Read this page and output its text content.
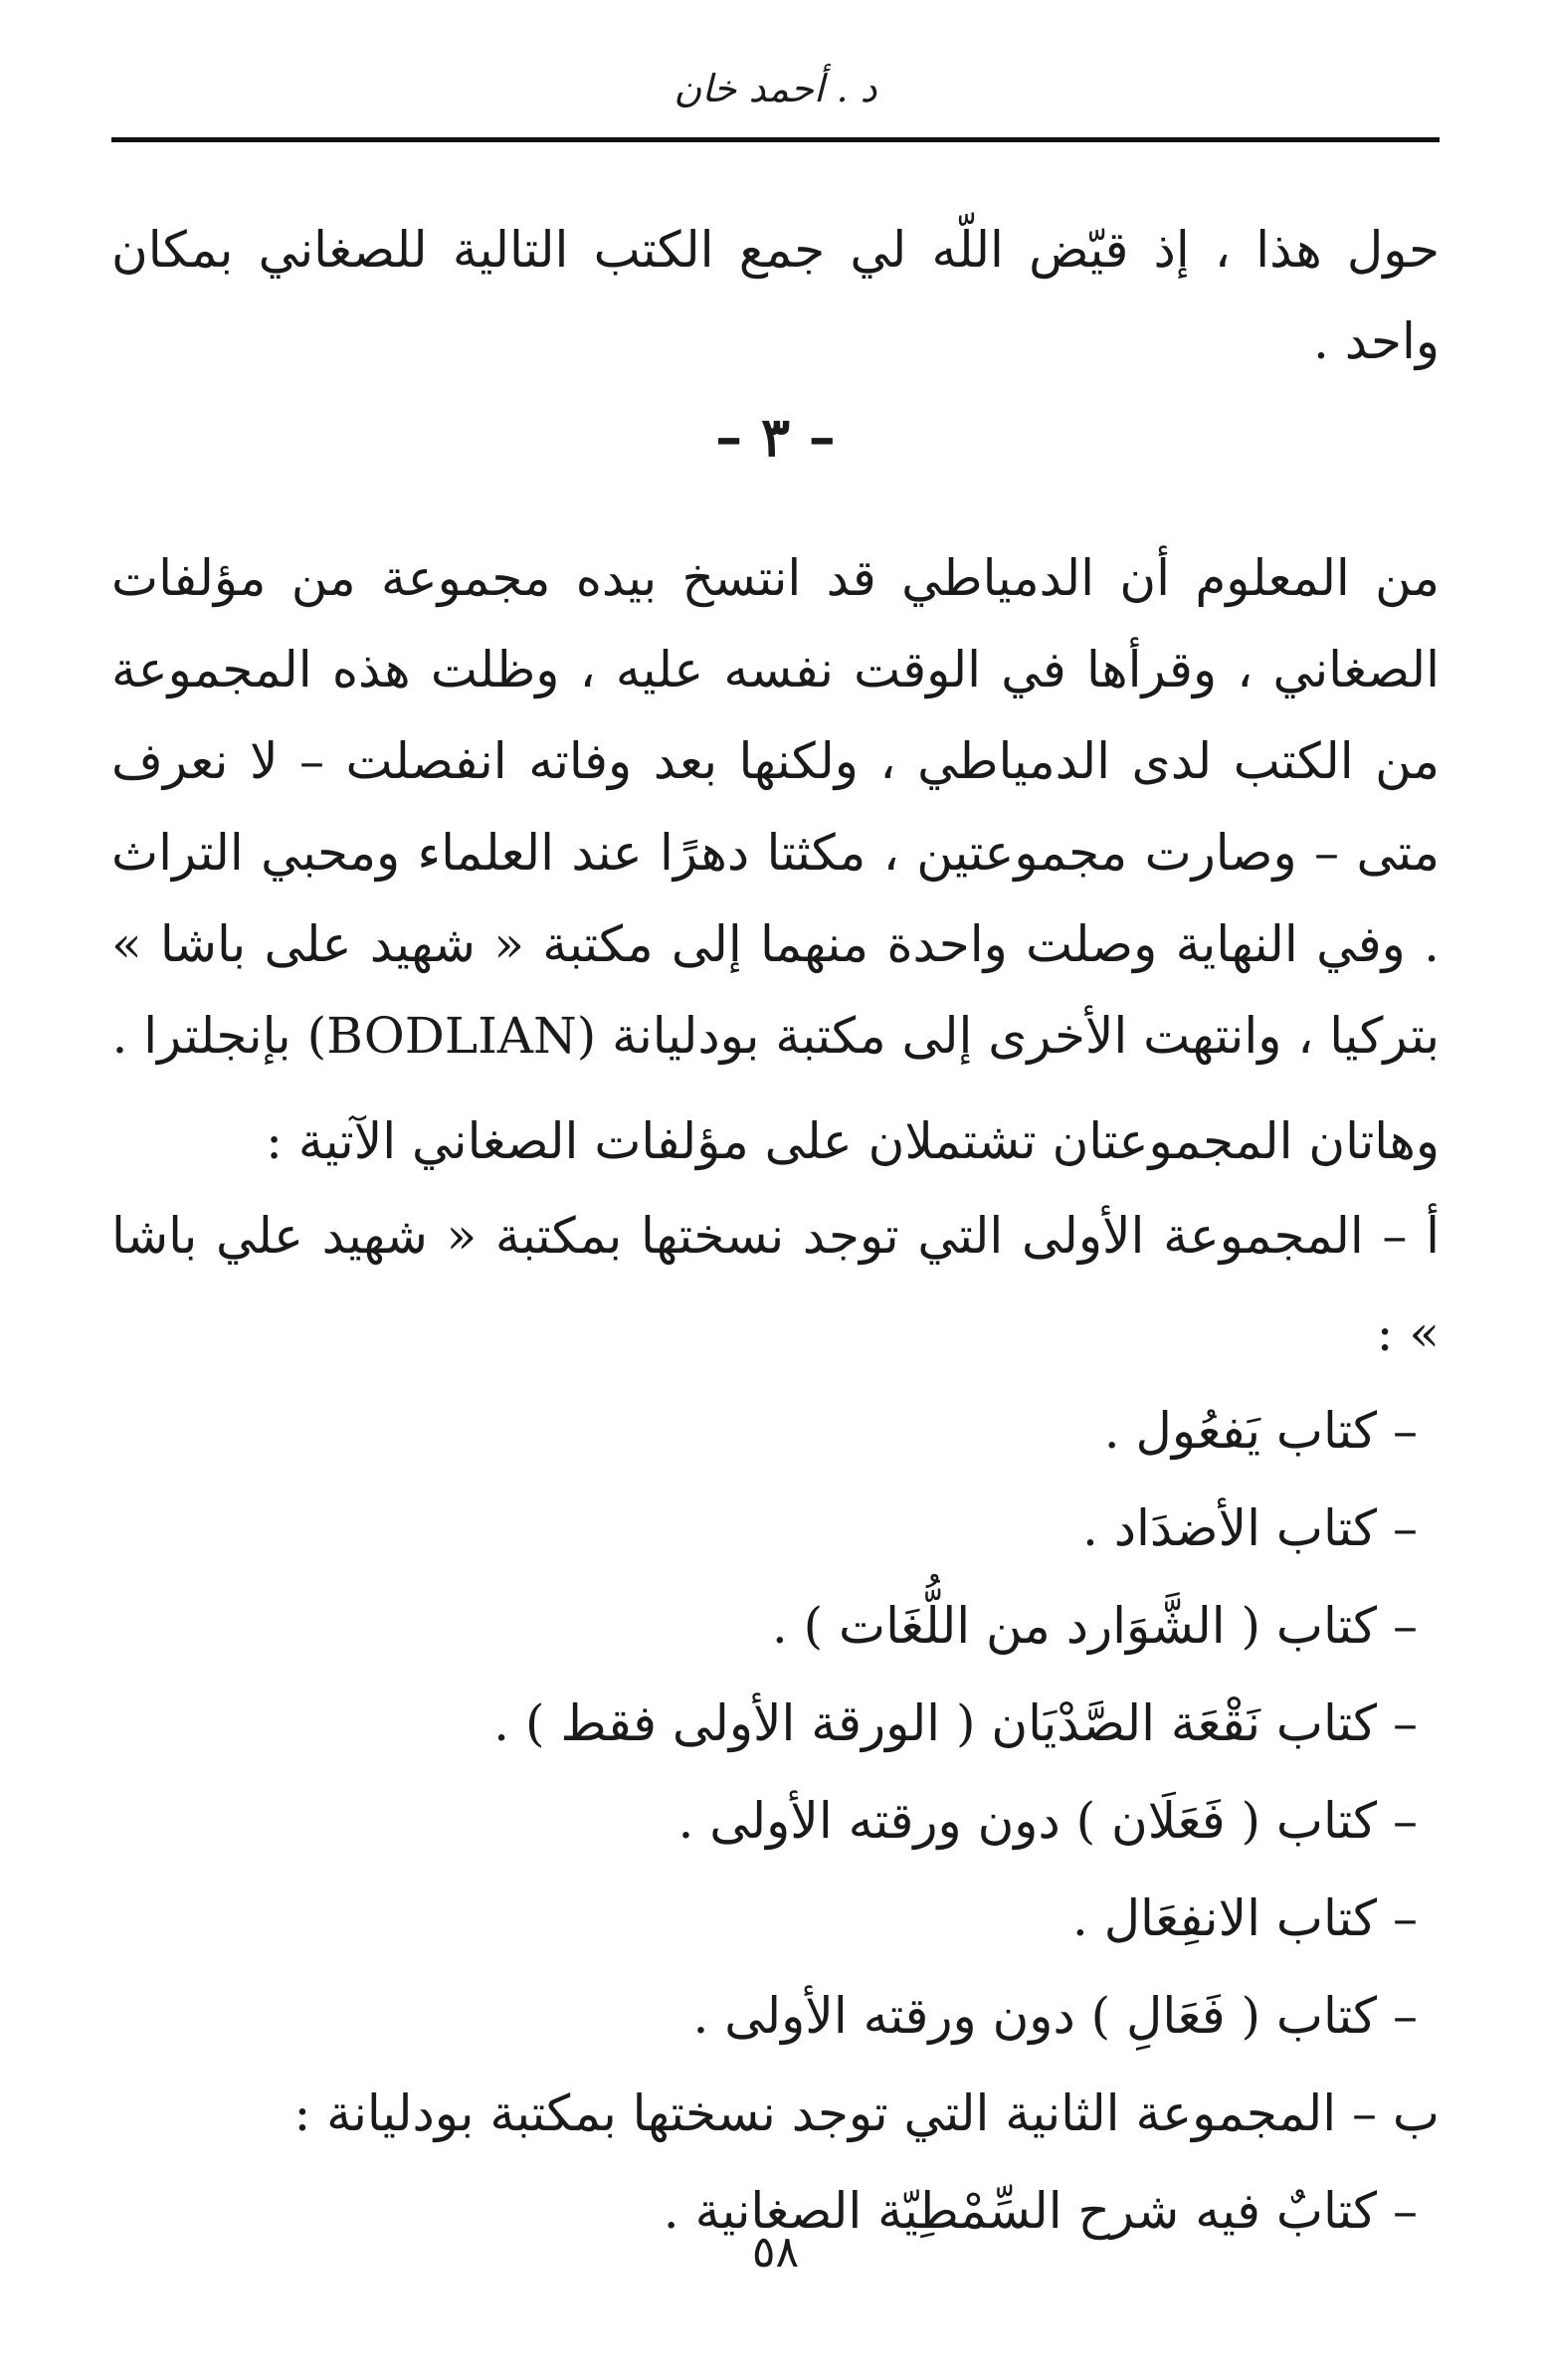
د . أحمد خان

حول هذا ، إذ قيّض اللّه لي جمع الكتب التالية للصغاني بمكان واحد .

– ٣ –

من المعلوم أن الدمياطي قد انتسخ بيده مجموعة من مؤلفات الصغاني ، وقرأها في الوقت نفسه عليه ، وظلت هذه المجموعة من الكتب لدى الدمياطي ، ولكنها بعد وفاته انفصلت – لا نعرف متى – وصارت مجموعتين ، مكثتا دهرًا عند العلماء ومحبي التراث . وفي النهاية وصلت واحدة منهما إلى مكتبة « شهيد على باشا » بتركيا ، وانتهت الأخرى إلى مكتبة بودليانة (BODLIAN) بإنجلترا .

وهاتان المجموعتان تشتملان على مؤلفات الصغاني الآتية :

أ – المجموعة الأولى التي توجد نسختها بمكتبة « شهيد علي باشا » :

– كتاب يَفعُول .
– كتاب الأضدَاد .
– كتاب ( الشَّوَارد من اللُّغَات ) .
– كتاب نَقْعَة الصَّدْيَان ( الورقة الأولى فقط ) .
– كتاب ( فَعَلَان ) دون ورقته الأولى .
– كتاب الانفِعَال .
– كتاب ( فَعَالِ ) دون ورقته الأولى .

ب – المجموعة الثانية التي توجد نسختها بمكتبة بودليانة :

– كتابٌ فيه شرح السِّمْطِيّة الصغانية .
٥٨
